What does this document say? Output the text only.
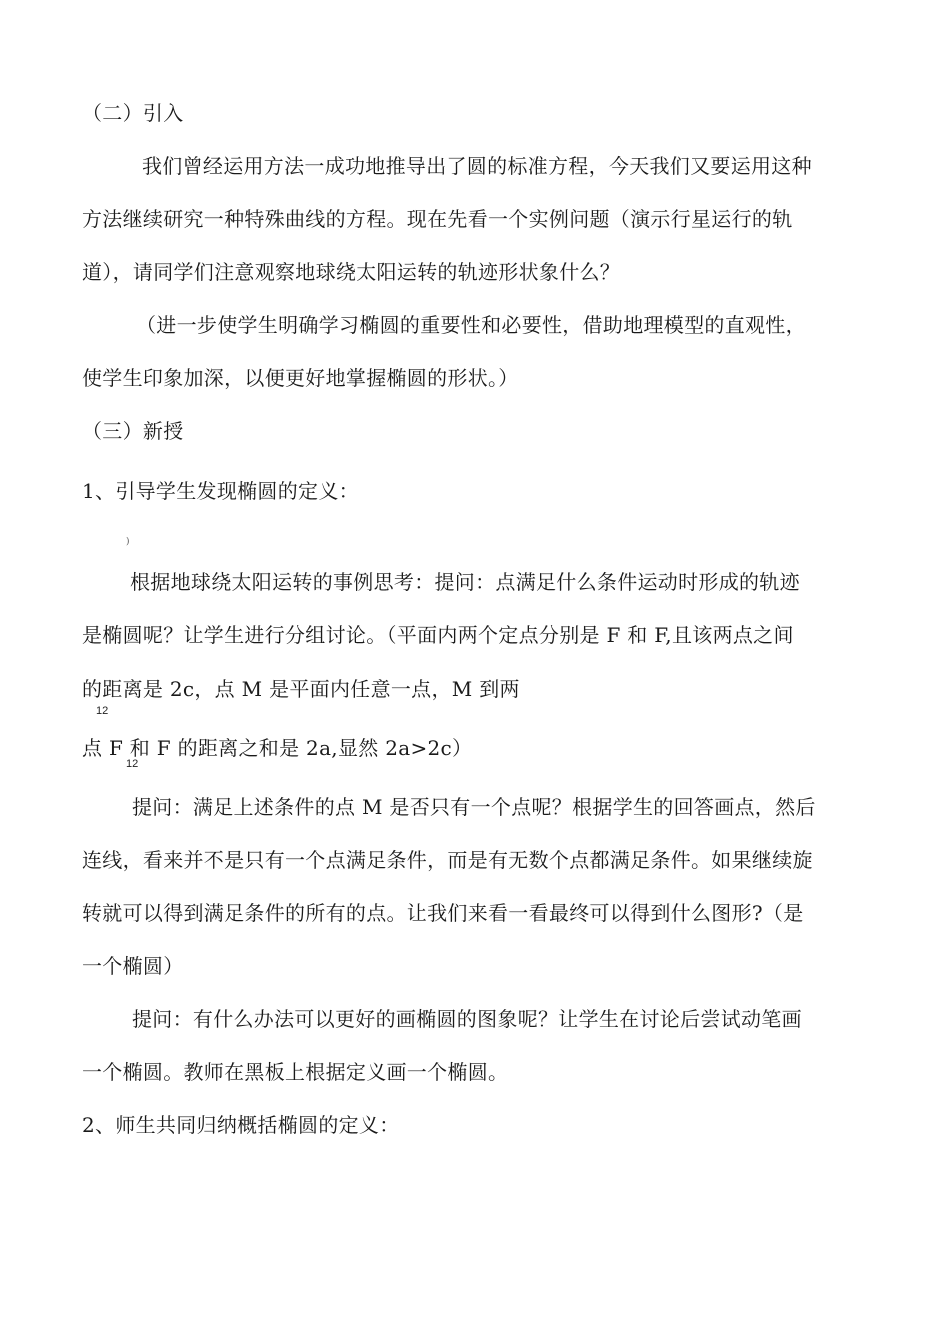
（二）引入
我们曾经运用方法一成功地推导出了圆的标准方程，今天我们又要运用这种
方法继续研究一种特殊曲线的方程。现在先看一个实例问题（演示行星运行的轨
道），请同学们注意观察地球绕太阳运转的轨迹形状象什么？
（进一步使学生明确学习椭圆的重要性和必要性，借助地理模型的直观性，
使学生印象加深，以便更好地掌握椭圆的形状。）
（三）新授
1、引导学生发现椭圆的定义：
)
根据地球绕太阳运转的事例思考：提问：点满足什么条件运动时形成的轨迹
是椭圆呢？让学生进行分组讨论。（平面内两个定点分别是 F 和 F,且该两点之间
的距离是 2c，点 M 是平面内任意一点，M 到两
12
点 F 和 F 的距离之和是 2a,显然 2a>2c）
12
提问：满足上述条件的点 M 是否只有一个点呢？根据学生的回答画点，然后
连线，看来并不是只有一个点满足条件，而是有无数个点都满足条件。如果继续旋
转就可以得到满足条件的所有的点。让我们来看一看最终可以得到什么图形?（是
一个椭圆）
提问：有什么办法可以更好的画椭圆的图象呢？让学生在讨论后尝试动笔画
一个椭圆。教师在黑板上根据定义画一个椭圆。
2、师生共同归纳概括椭圆的定义：
